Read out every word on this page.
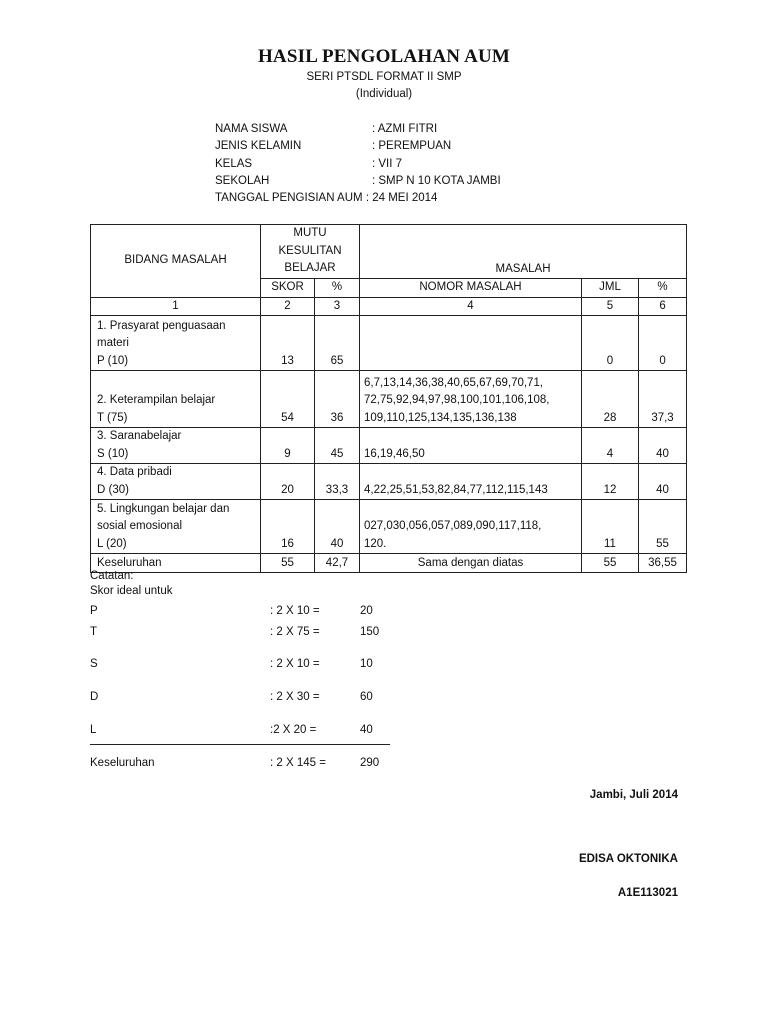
HASIL PENGOLAHAN AUM
SERI PTSDL FORMAT II SMP
(Individual)
NAMA SISWA	: AZMI FITRI
JENIS KELAMIN	: PEREMPUAN
KELAS	: VII 7
SEKOLAH	: SMP N 10 KOTA JAMBI
TANGGAL PENGISIAN AUM : 24 MEI 2014
BIDANG MASALAH	MUTU
KESULITAN
BELAJAR		MASALAH		
	SKOR	%	NOMOR MASALAH	JML	%
1	2	3	4	5	6

1. Prasyarat penguasaan
materi
P (10)	13	65		0	0

2. Keterampilan belajar
T (75)	54	36	6,7,13,14,36,38,40,65,67,69,70,71,
72,75,92,94,97,98,100,101,106,108,
109,110,125,134,135,136,138	28	37,3

3. Saranabelajar
S (10)	9	45	16,19,46,50	4	40

4. Data pribadi
D (30)	20	33,3	4,22,25,51,53,82,84,77,112,115,143	12	40

5. Lingkungan belajar dan
sosial emosional
L (20)	16	40	027,030,056,057,089,090,117,118,
120.	11	55
Keseluruhan	55	42,7	Sama dengan diatas	55	36,55
Catatan:
Skor ideal untuk
P	: 2 X 10 =	20
T	: 2 X 75 =	150
S	: 2 X 10 =	10
D	: 2 X 30 =	60
L	:2 X 20 =	40
Keseluruhan	: 2 X 145 =	290
Jambi, Juli 2014
EDISA OKTONIKA
A1E113021
